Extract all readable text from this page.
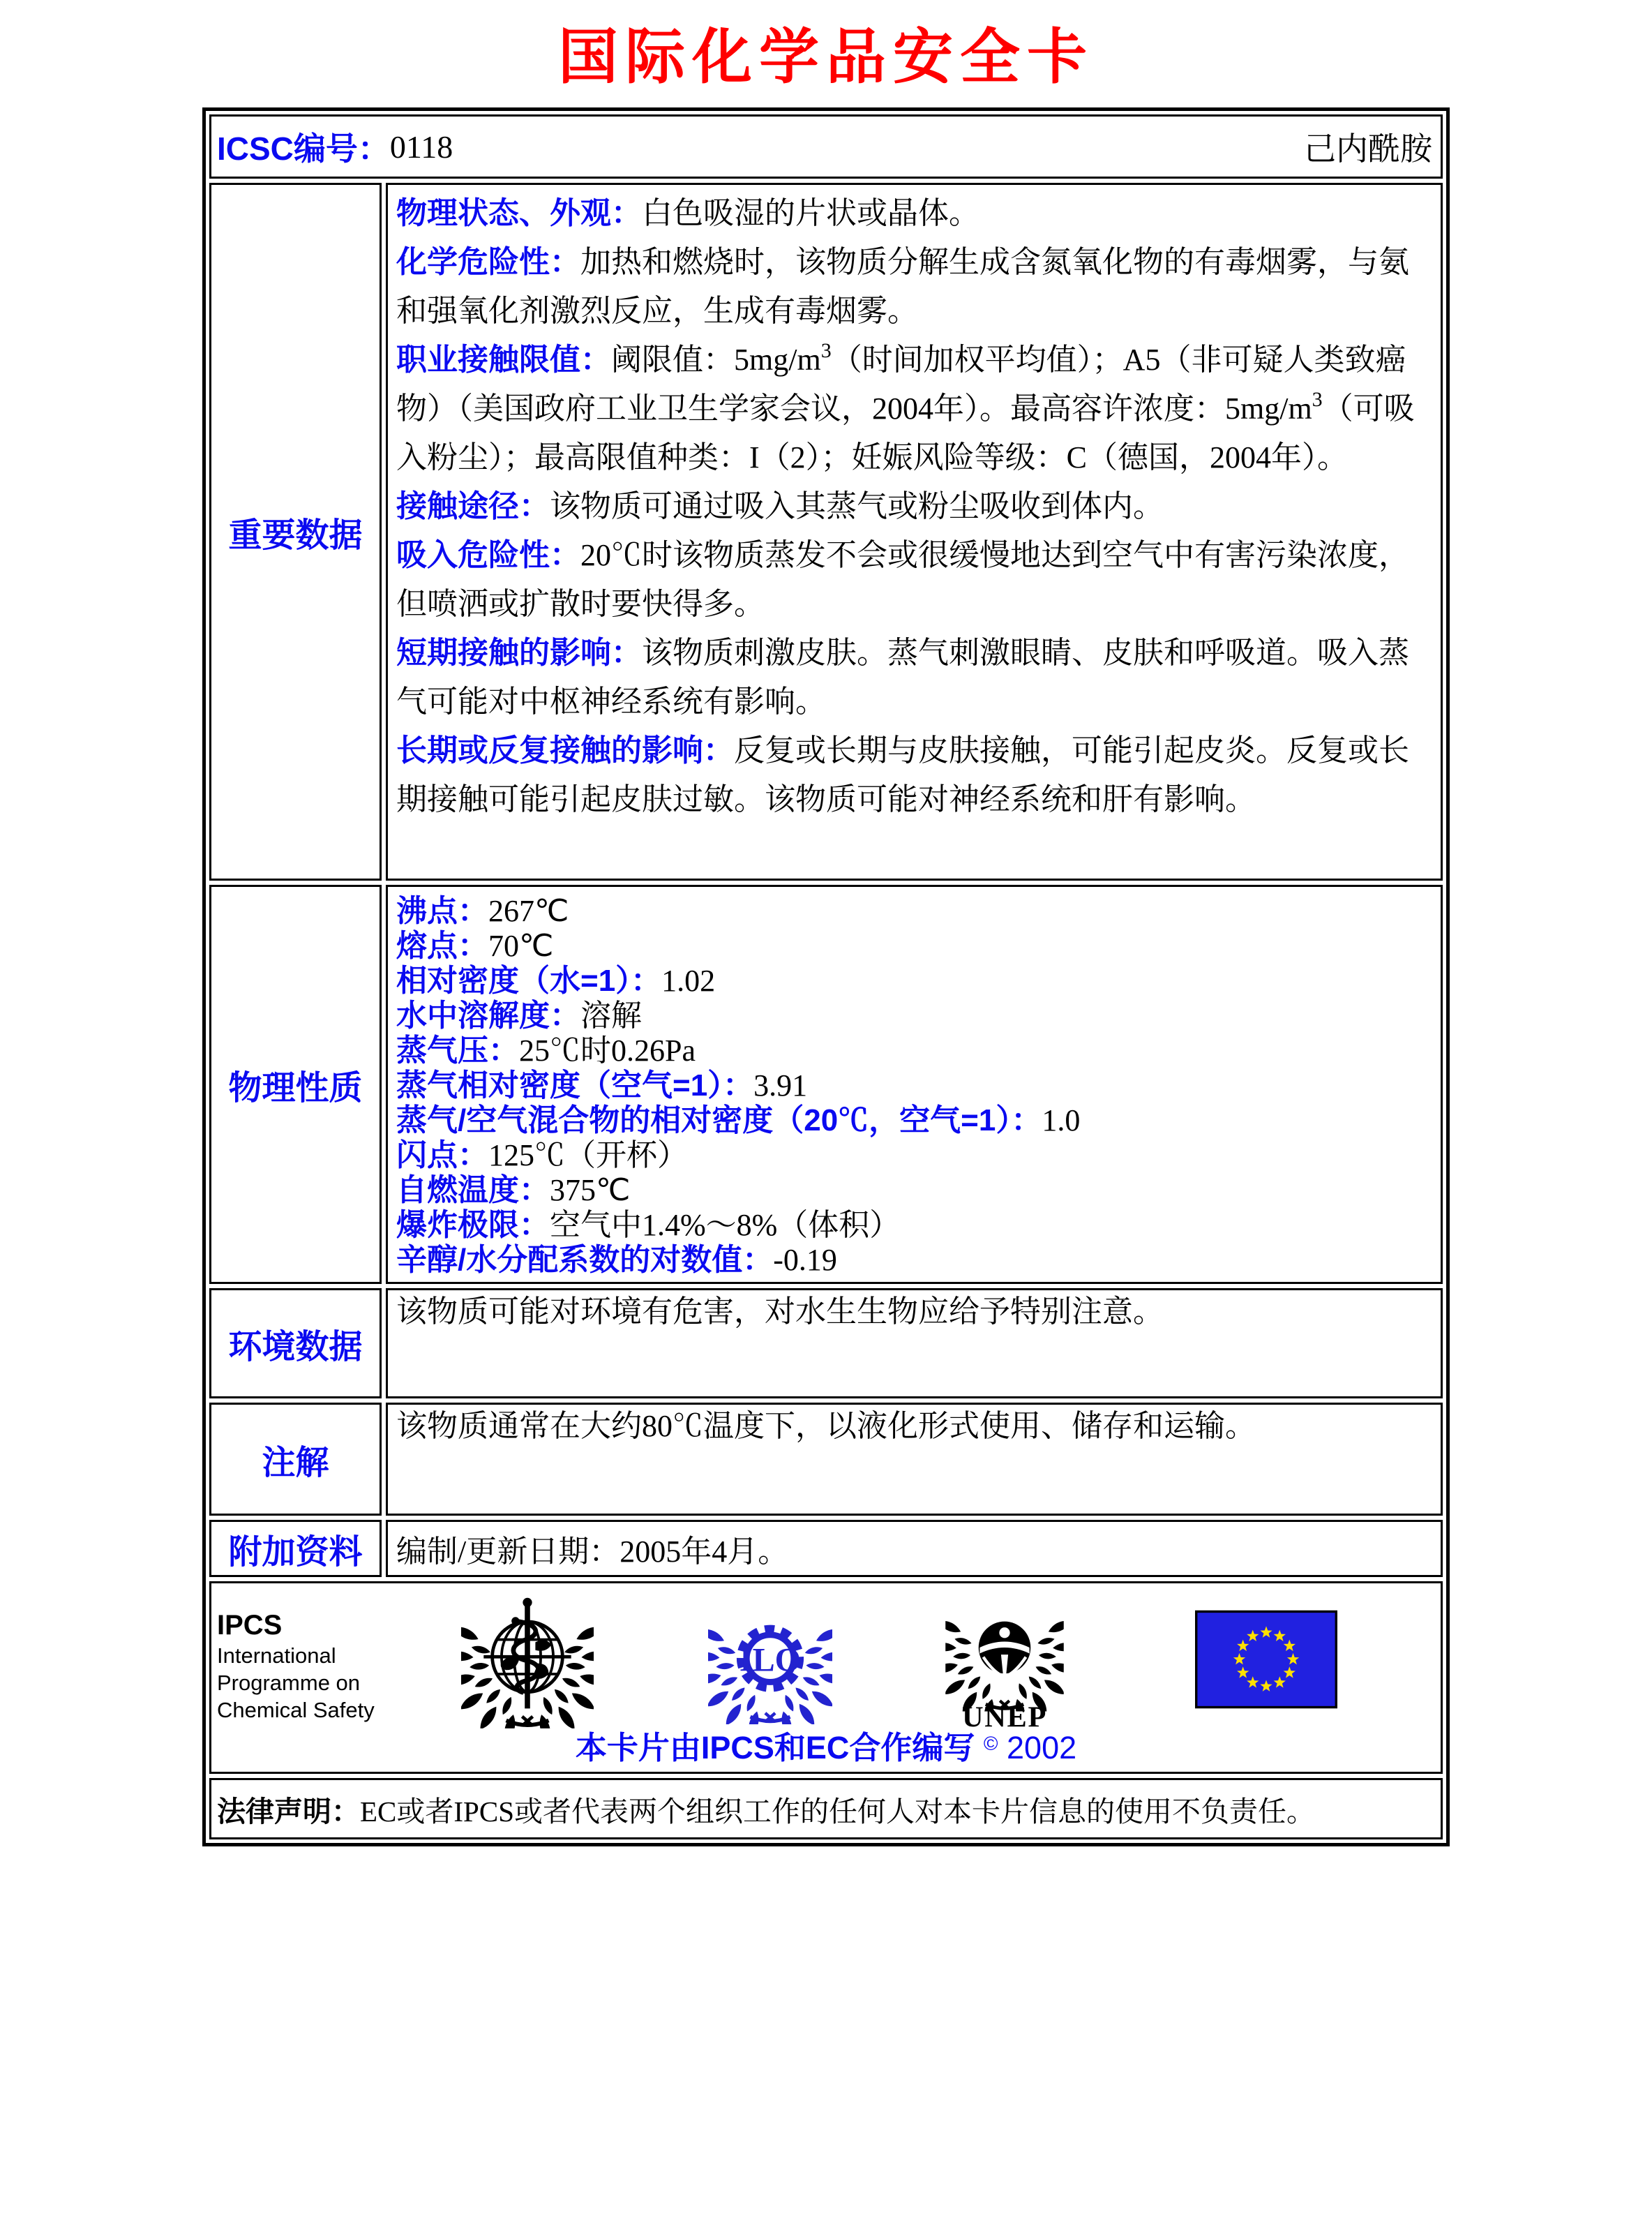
国际化学品安全卡
ICSC编号： 0118	己内酰胺
重要数据

物理状态、外观：白色吸湿的片状或晶体。

化学危险性：加热和燃烧时，该物质分解生成含氮氧化物的有毒烟雾，与氨和强氧化剂激烈反应，生成有毒烟雾。

职业接触限值：阈限值：$5mg/m^3$（时间加权平均值）；A5（非可疑人类致癌物）（美国政府工业卫生学家会议，2004年）。最高容许浓度：$5mg/m^3$（可吸入粉尘）；最高限值种类：I（2）；妊娠风险等级：C（德国，2004年）。

接触途径：该物质可通过吸入其蒸气或粉尘吸收到体内。

吸入危险性：20℃时该物质蒸发不会或很缓慢地达到空气中有害污染浓度，但喷洒或扩散时要快得多。

短期接触的影响：该物质刺激皮肤。蒸气刺激眼睛、皮肤和呼吸道。吸入蒸气可能对中枢神经系统有影响。

长期或反复接触的影响：反复或长期与皮肤接触，可能引起皮炎。反复或长期接触可能引起皮肤过敏。该物质可能对神经系统和肝有影响。

物理性质
沸点：267℃
熔点：70℃
相对密度（水=1）：1.02
水中溶解度：溶解
蒸气压：25℃时0.26Pa
蒸气相对密度（空气=1）：3.91
蒸气/空气混合物的相对密度（20℃，空气=1）：1.0
闪点：125℃（开杯）
自燃温度：375℃
爆炸极限：空气中1.4%～8%（体积）
辛醇/水分配系数的对数值：-0.19
环境数据

该物质可能对环境有危害，对水生生物应给予特别注意。

注解

该物质通常在大约80℃温度下，以液化形式使用、储存和运输。

附加资料	编制/更新日期：2005年4月。

IPCS
International
Programme on
Chemical Safety
ILO
UNEP
本卡片由IPCS和EC合作编写 © 2002
法律声明： EC或者IPCS或者代表两个组织工作的任何人对本卡片信息的使用不负责任。
